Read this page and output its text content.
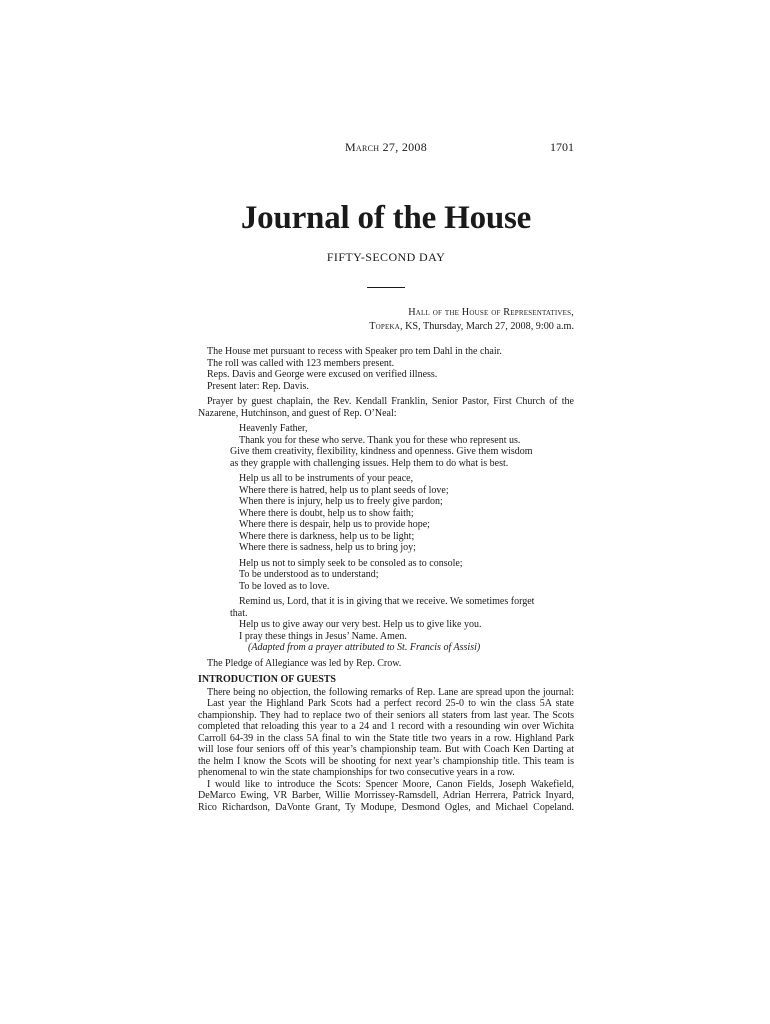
March 27, 2008	1701
Journal of the House
FIFTY-SECOND DAY
Hall of the House of Representatives,
Topeka, KS, Thursday, March 27, 2008, 9:00 a.m.
The House met pursuant to recess with Speaker pro tem Dahl in the chair.
The roll was called with 123 members present.
Reps. Davis and George were excused on verified illness.
Present later: Rep. Davis.
Prayer by guest chaplain, the Rev. Kendall Franklin, Senior Pastor, First Church of the
Nazarene, Hutchinson, and guest of Rep. O’Neal:
Heavenly Father,
Thank you for these who serve. Thank you for these who represent us.
Give them creativity, flexibility, kindness and openness. Give them wisdom
as they grapple with challenging issues. Help them to do what is best.
Help us all to be instruments of your peace,
Where there is hatred, help us to plant seeds of love;
When there is injury, help us to freely give pardon;
Where there is doubt, help us to show faith;
Where there is despair, help us to provide hope;
Where there is darkness, help us to be light;
Where there is sadness, help us to bring joy;
Help us not to simply seek to be consoled as to console;
To be understood as to understand;
To be loved as to love.
Remind us, Lord, that it is in giving that we receive. We sometimes forget
that.
Help us to give away our very best. Help us to give like you.
I pray these things in Jesus’ Name. Amen.
(Adapted from a prayer attributed to St. Francis of Assisi)
The Pledge of Allegiance was led by Rep. Crow.
INTRODUCTION OF GUESTS
There being no objection, the following remarks of Rep. Lane are spread upon the journal:
Last year the Highland Park Scots had a perfect record 25-0 to win the class 5A state
championship. They had to replace two of their seniors all staters from last year. The Scots
completed that reloading this year to a 24 and 1 record with a resounding win over Wichita
Carroll 64-39 in the class 5A final to win the State title two years in a row. Highland Park
will lose four seniors off of this year’s championship team. But with Coach Ken Darting at
the helm I know the Scots will be shooting for next year’s championship title. This team is
phenomenal to win the state championships for two consecutive years in a row.
I would like to introduce the Scots: Spencer Moore, Canon Fields, Joseph Wakefield,
DeMarco Ewing, VR Barber, Willie Morrissey-Ramsdell, Adrian Herrera, Patrick Inyard,
Rico Richardson, DaVonte Grant, Ty Modupe, Desmond Ogles, and Michael Copeland.
